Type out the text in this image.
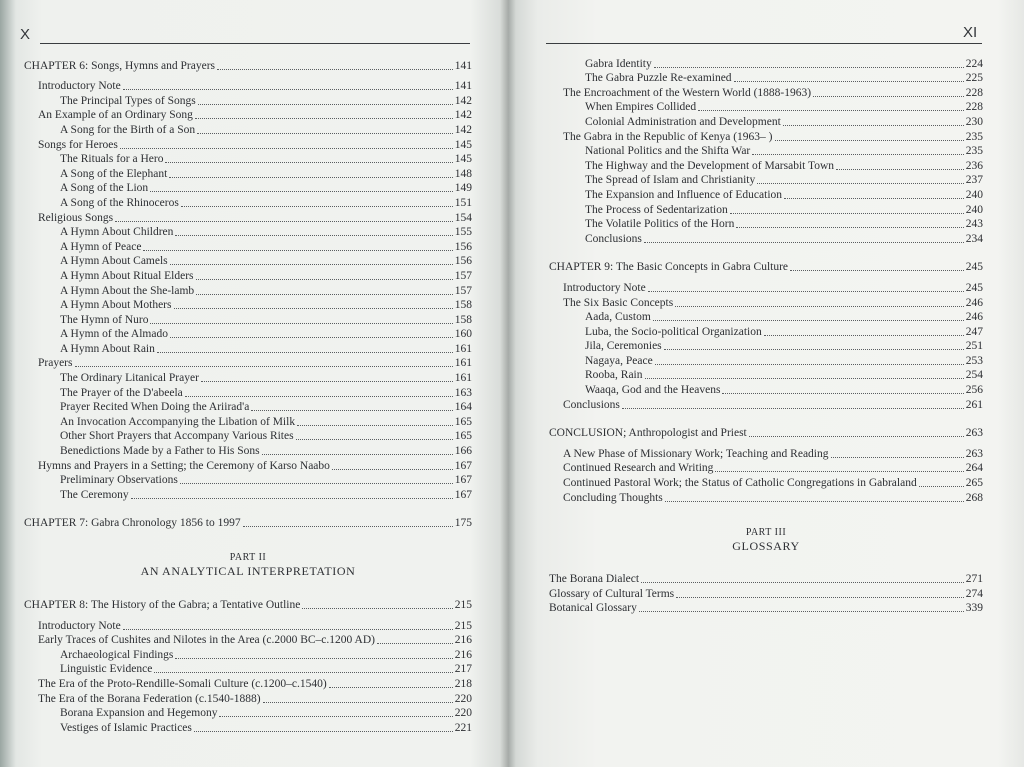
X
CHAPTER 6: Songs, Hymns and Prayers	141
Introductory Note	141
The Principal Types of Songs	142
An Example of an Ordinary Song	142
A Song for the Birth of a Son	142
Songs for Heroes	145
The Rituals for a Hero	145
A Song of the Elephant	148
A Song of the Lion	149
A Song of the Rhinoceros	151
Religious Songs	154
A Hymn About Children	155
A Hymn of Peace	156
A Hymn About Camels	156
A Hymn About Ritual Elders	157
A Hymn About the She-lamb	157
A Hymn About Mothers	158
The Hymn of Nuro	158
A Hymn of the Almado	160
A Hymn About Rain	161
Prayers	161
The Ordinary Litanical Prayer	161
The Prayer of the D'abeela	163
Prayer Recited When Doing the Ariirad'a	164
An Invocation Accompanying the Libation of Milk	165
Other Short Prayers that Accompany Various Rites	165
Benedictions Made by a Father to His Sons	166
Hymns and Prayers in a Setting; the Ceremony of Karso Naabo	167
Preliminary Observations	167
The Ceremony	167
CHAPTER 7: Gabra Chronology 1856 to 1997	175
PART II
AN ANALYTICAL INTERPRETATION
CHAPTER 8: The History of the Gabra; a Tentative Outline	215
Introductory Note	215
Early Traces of Cushites and Nilotes in the Area (c.2000 BC–c.1200 AD)	216
Archaeological Findings	216
Linguistic Evidence	217
The Era of the Proto-Rendille-Somali Culture (c.1200–c.1540)	218
The Era of the Borana Federation (c.1540-1888)	220
Borana Expansion and Hegemony	220
Vestiges of Islamic Practices	221
XI
Gabra Identity	224
The Gabra Puzzle Re-examined	225
The Encroachment of the Western World (1888-1963)	228
When Empires Collided	228
Colonial Administration and Development	230
The Gabra in the Republic of Kenya (1963– )	235
National Politics and the Shifta War	235
The Highway and the Development of Marsabit Town	236
The Spread of Islam and Christianity	237
The Expansion and Influence of Education	240
The Process of Sedentarization	240
The Volatile Politics of the Horn	243
Conclusions	234
CHAPTER 9: The Basic Concepts in Gabra Culture	245
Introductory Note	245
The Six Basic Concepts	246
Aada, Custom	246
Luba, the Socio-political Organization	247
Jila, Ceremonies	251
Nagaya, Peace	253
Rooba, Rain	254
Waaqa, God and the Heavens	256
Conclusions	261
CONCLUSION; Anthropologist and Priest	263
A New Phase of Missionary Work; Teaching and Reading	263
Continued Research and Writing	264
Continued Pastoral Work; the Status of Catholic Congregations in Gabraland	265
Concluding Thoughts	268
PART III
GLOSSARY
The Borana Dialect	271
Glossary of Cultural Terms	274
Botanical Glossary	339
